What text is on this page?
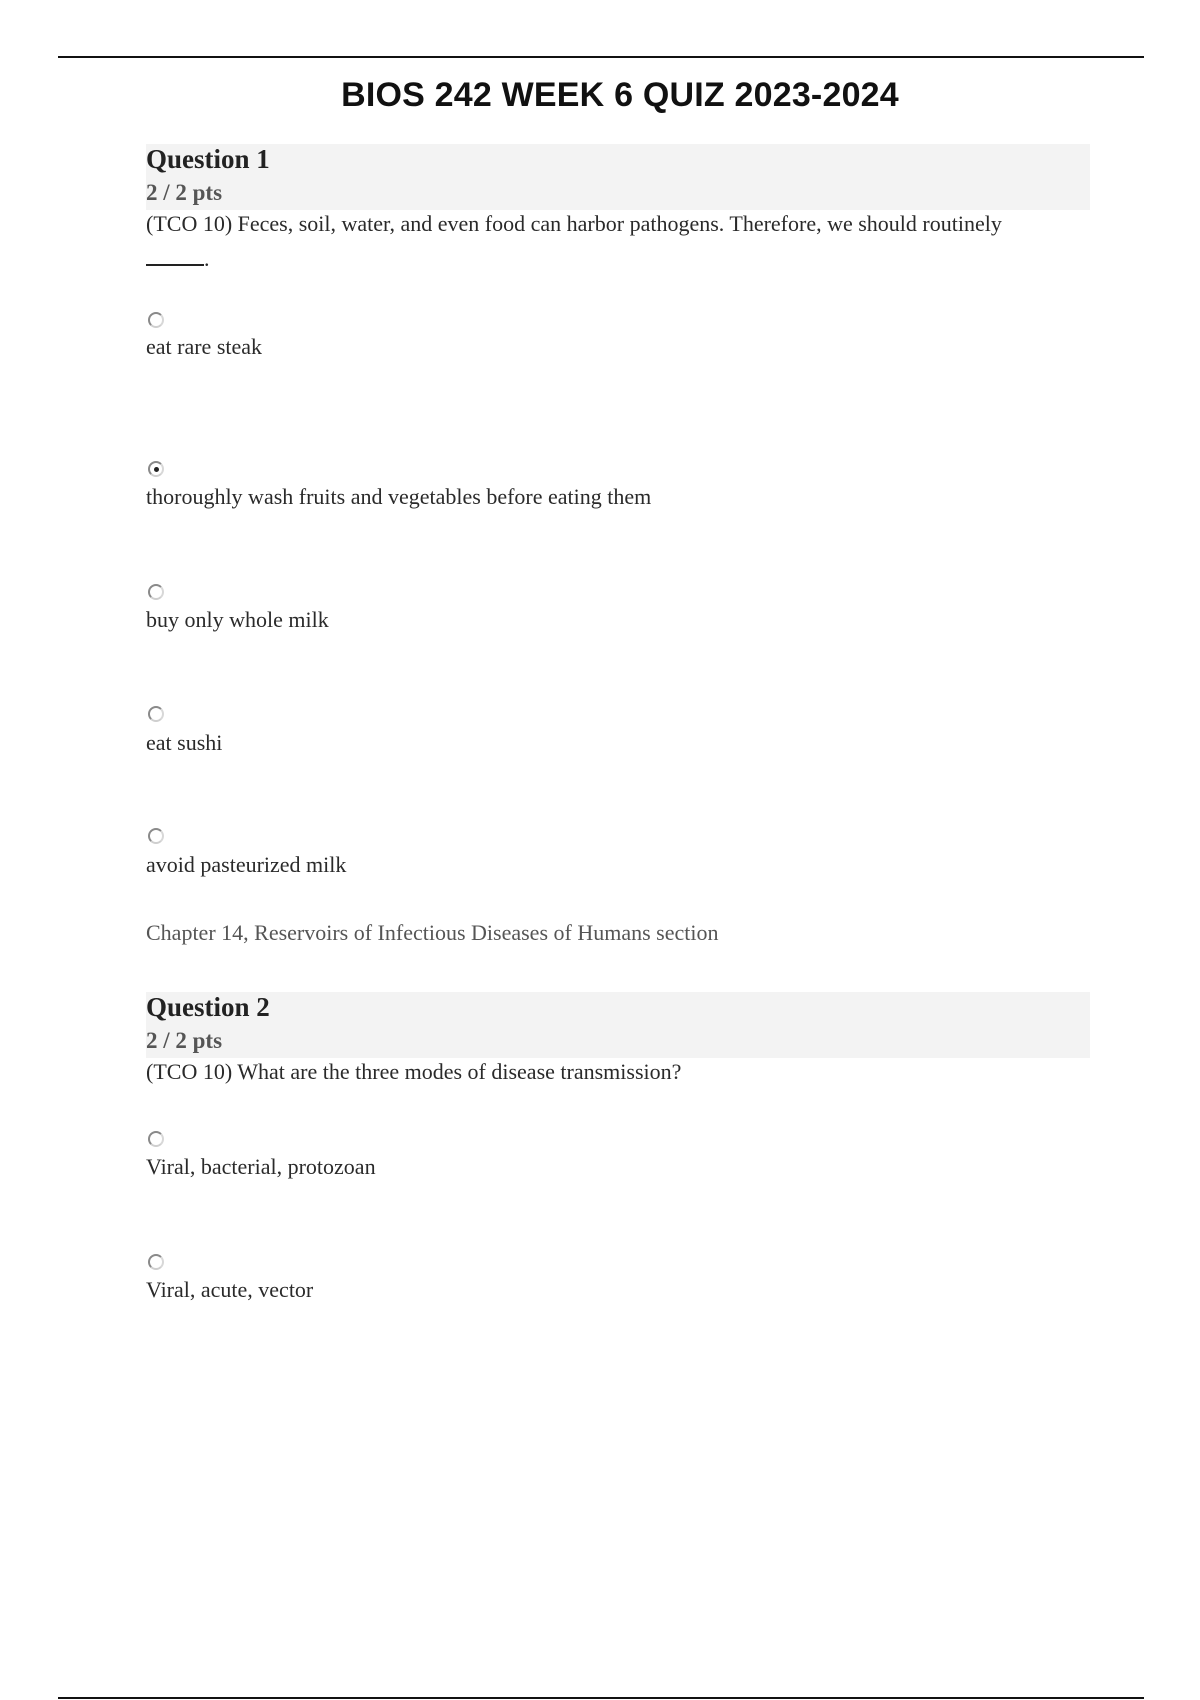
BIOS 242 WEEK 6 QUIZ 2023-2024
Question 1
2 / 2 pts
(TCO 10) Feces, soil, water, and even food can harbor pathogens. Therefore, we should routinely
.
eat rare steak
thoroughly wash fruits and vegetables before eating them
buy only whole milk
eat sushi
avoid pasteurized milk
Chapter 14, Reservoirs of Infectious Diseases of Humans section
Question 2
2 / 2 pts
(TCO 10) What are the three modes of disease transmission?
Viral, bacterial, protozoan
Viral, acute, vector
